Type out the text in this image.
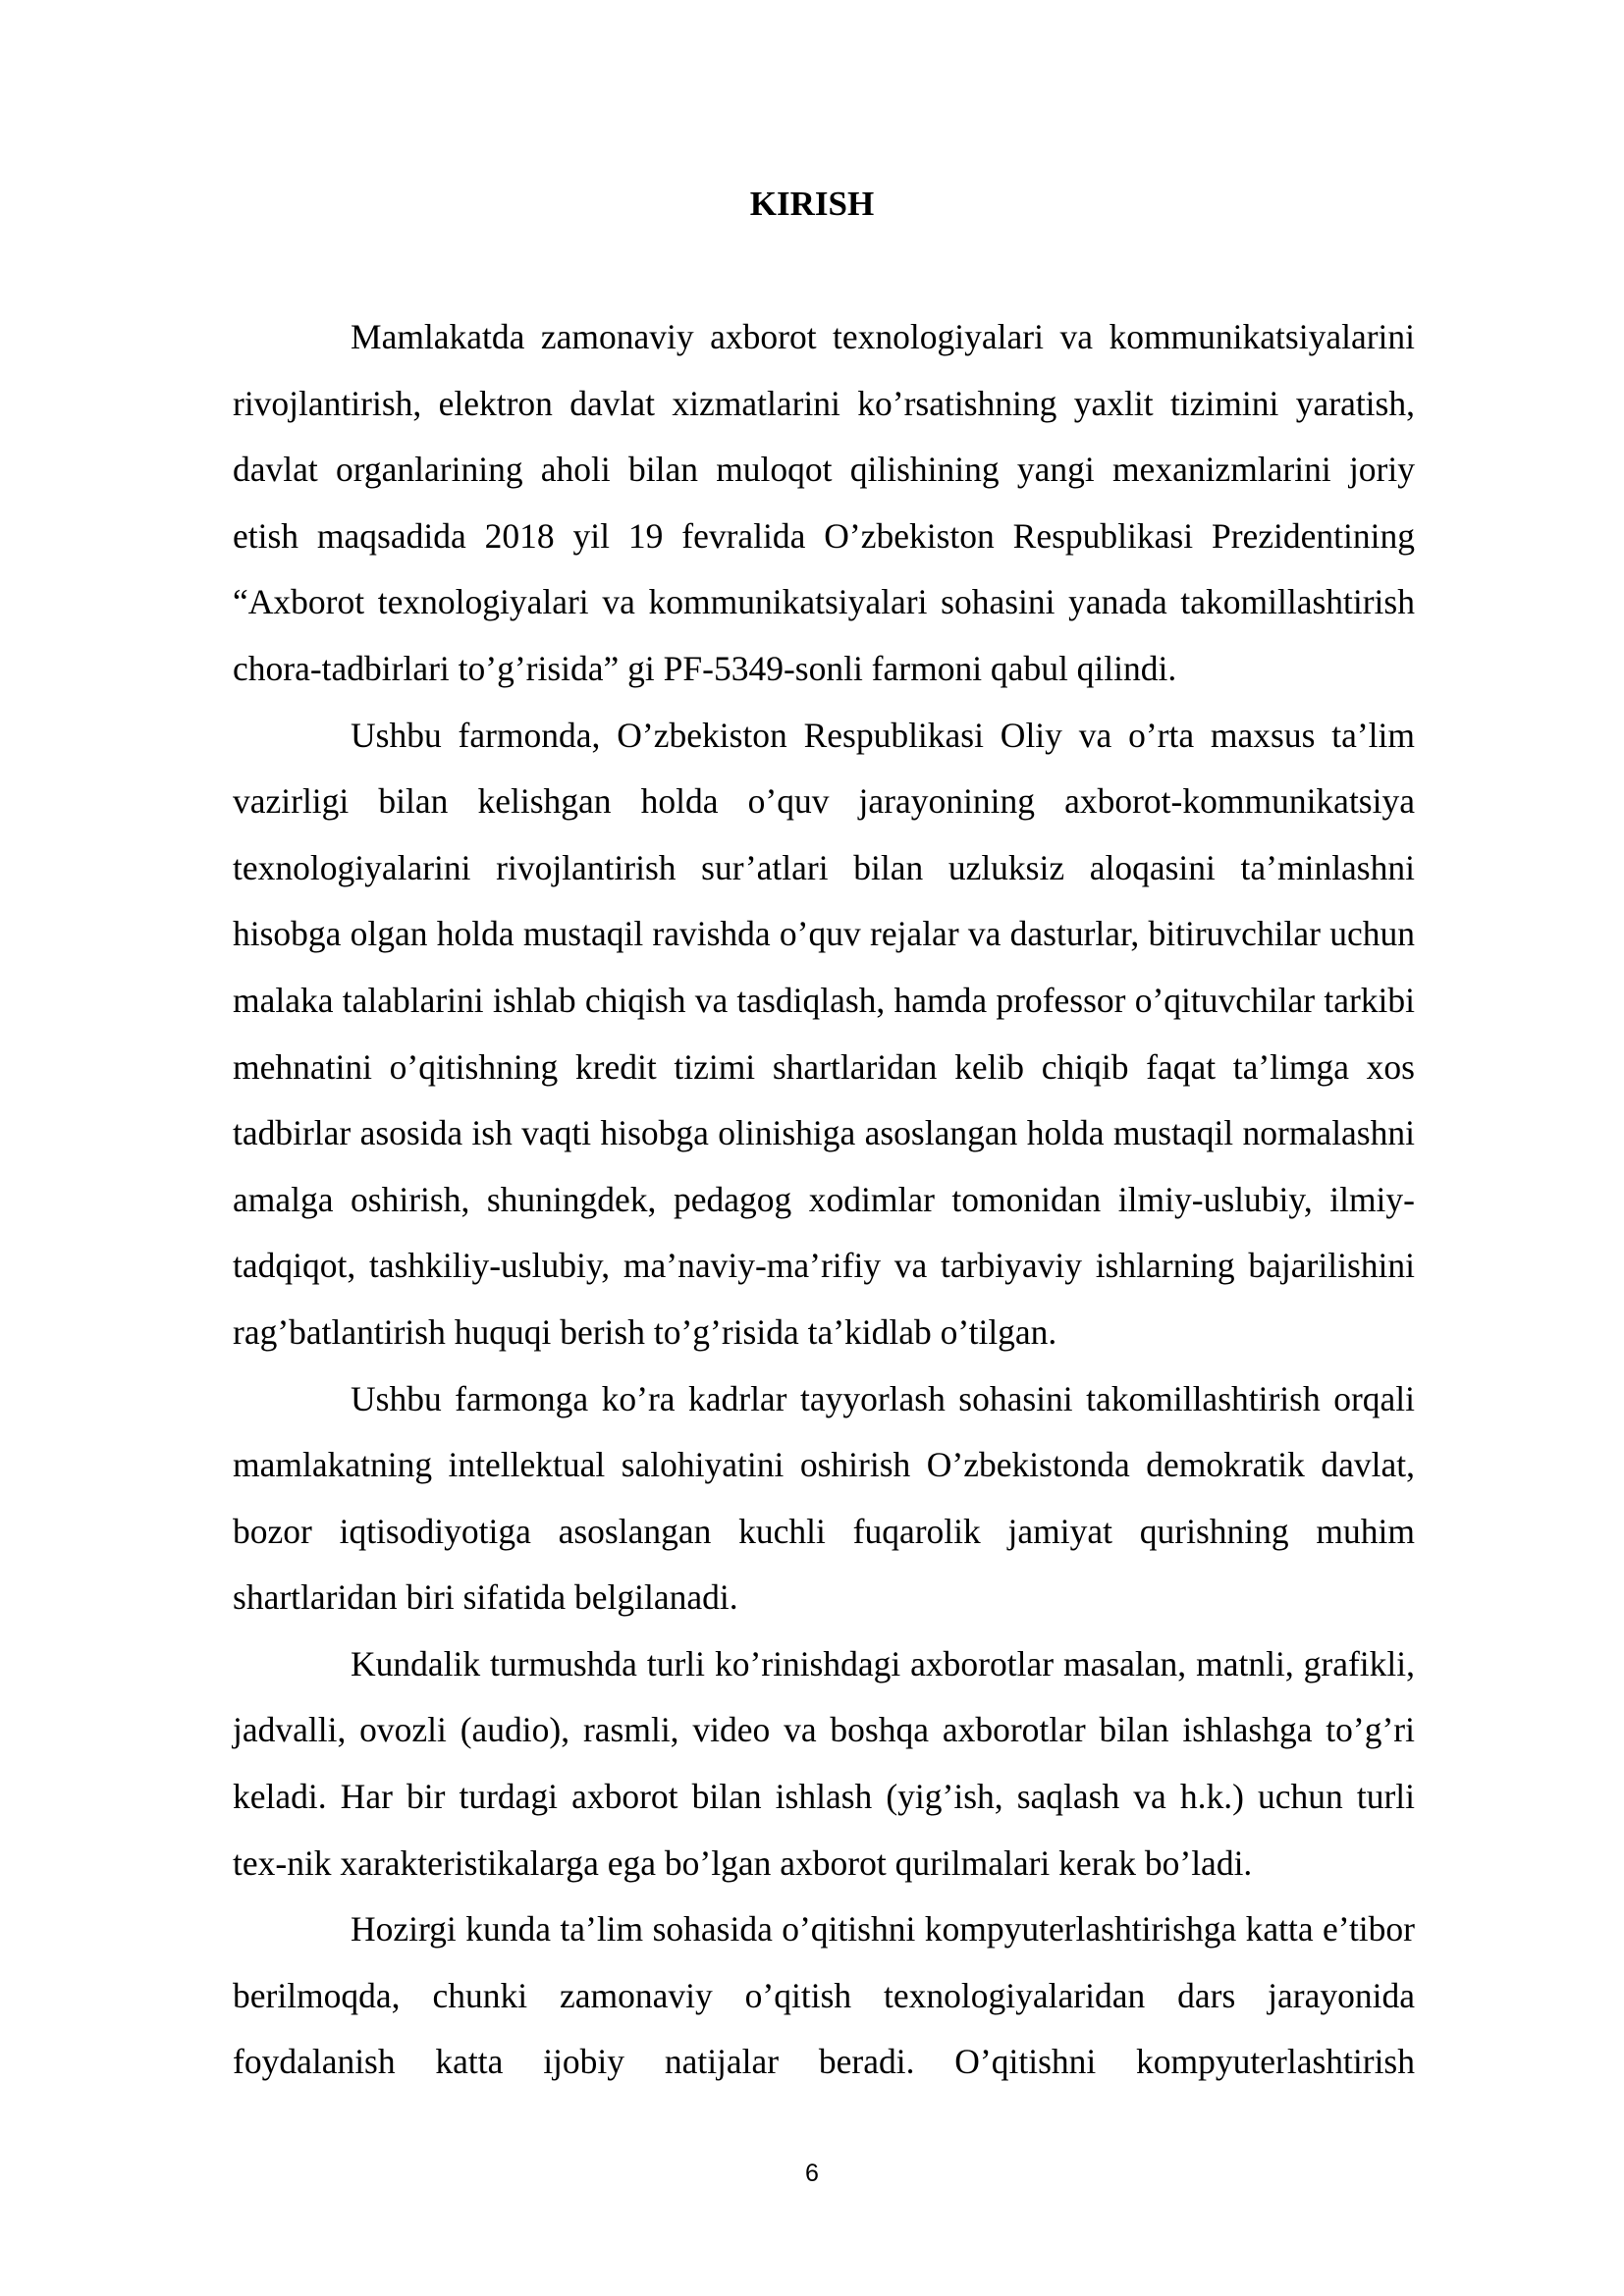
KIRISH

Mamlakatda zamonaviy axborot texnologiyalari va kommunikatsiyalarini rivojlantirish, elektron davlat xizmatlarini ko’rsatishning yaxlit tizimini yaratish, davlat organlarining aholi bilan muloqot qilishining yangi mexanizmlarini joriy etish maqsadida 2018 yil 19 fevralida O’zbekiston Respublikasi Prezidentining “Axborot texnologiyalari va kommunikatsiyalari sohasini yanada takomillashtirish chora-tadbirlari to’g’risida” gi PF-5349-sonli farmoni qabul qilindi.

Ushbu farmonda, O’zbekiston Respublikasi Oliy va o’rta maxsus ta’lim vazirligi bilan kelishgan holda o’quv jarayonining axborot-kommunikatsiya texnologiyalarini rivojlantirish sur’atlari bilan uzluksiz aloqasini ta’minlashni hisobga olgan holda mustaqil ravishda o’quv rejalar va dasturlar, bitiruvchilar uchun malaka talablarini ishlab chiqish va tasdiqlash, hamda professor o’qituvchilar tarkibi mehnatini o’qitishning kredit tizimi shartlaridan kelib chiqib faqat ta’limga xos tadbirlar asosida ish vaqti hisobga olinishiga asoslangan holda mustaqil normalashni amalga oshirish, shuningdek, pedagog xodimlar tomonidan ilmiy-uslubiy, ilmiy-tadqiqot, tashkiliy-uslubiy, ma’naviy-ma’rifiy va tarbiyaviy ishlarning bajarilishini rag’batlantirish huquqi berish to’g’risida ta’kidlab o’tilgan.

Ushbu farmonga ko’ra kadrlar tayyorlash sohasini takomillashtirish orqali mamlakatning intellektual salohiyatini oshirish O’zbekistonda demokratik davlat, bozor iqtisodiyotiga asoslangan kuchli fuqarolik jamiyat qurishning muhim shartlaridan biri sifatida belgilanadi.

Kundalik turmushda turli ko’rinishdagi axborotlar masalan, matnli, grafikli, jadvalli, ovozli (audio), rasmli, video va boshqa axborotlar bilan ishlashga to’g’ri keladi. Har bir turdagi axborot bilan ishlash (yig’ish, saqlash va h.k.) uchun turli tex-nik xarakteristikalarga ega bo’lgan axborot qurilmalari kerak bo’ladi.

Hozirgi kunda ta’lim sohasida o’qitishni kompyuterlashtirishga katta e’tibor berilmoqda, chunki zamonaviy o’qitish texnologiyalaridan dars jarayonida foydalanish katta ijobiy natijalar beradi. O’qitishni kompyuterlashtirish

6
